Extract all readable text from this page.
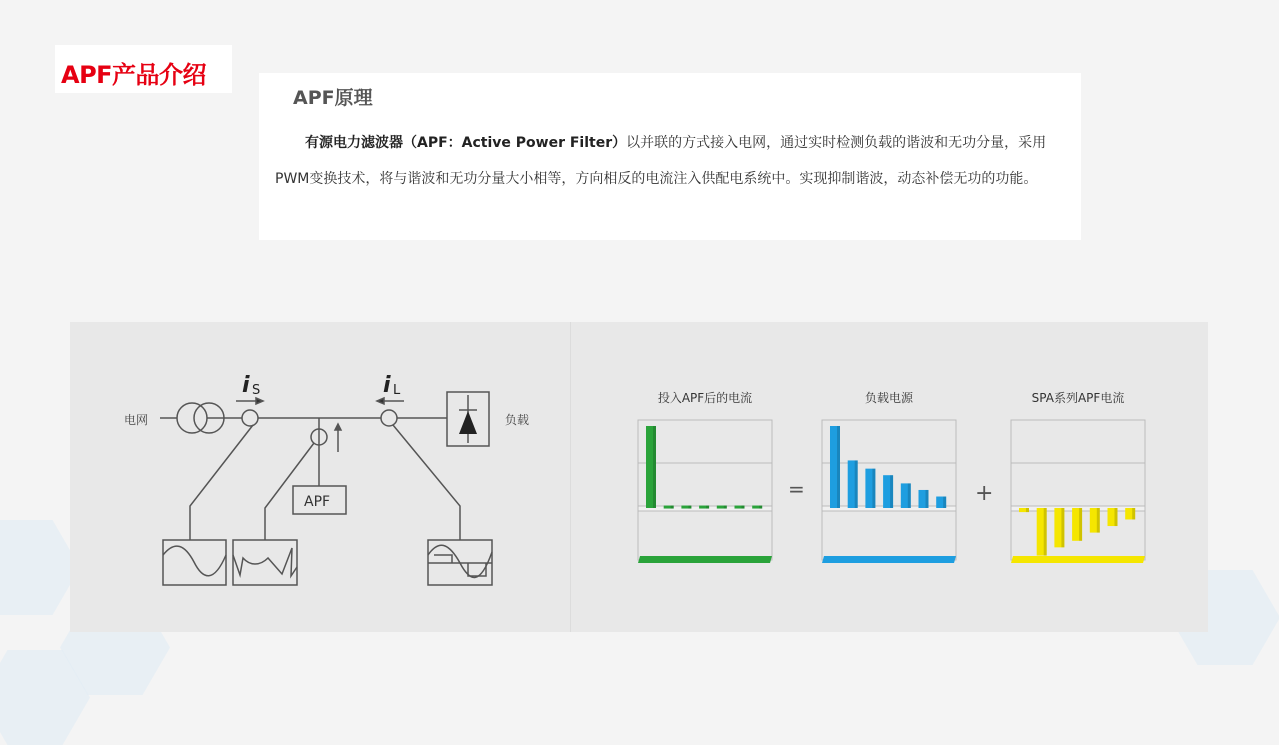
APF产品介绍
APF原理

有源电力滤波器（APF：Active Power Filter）以并联的方式接入电网，通过实时检测负载的谐波和无功分量，采用PWM变换技术，将与谐波和无功分量大小相等，方向相反的电流注入供配电系统中。实现抑制谐波，动态补偿无功的功能。

电网	负载
APF
i S	i L	投入APF后的电流	负载电源	SPA系列APF电流
=	+
